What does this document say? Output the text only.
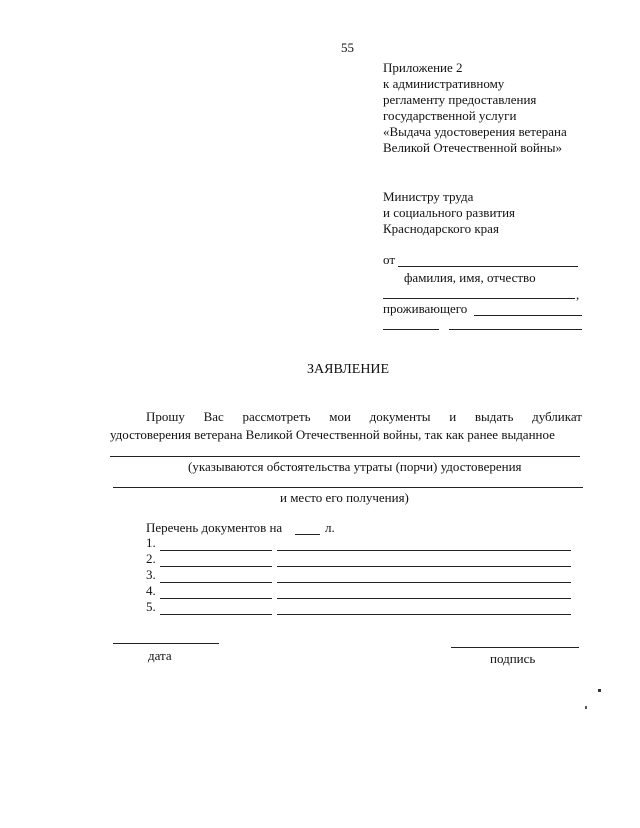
55
Приложение 2
к административному
регламенту предоставления
государственной услуги
«Выдача удостоверения ветерана
Великой Отечественной войны»
Министру труда
и социального развития
Краснодарского края
от
фамилия, имя, отчество
,
проживающего
ЗАЯВЛЕНИЕ
Прошу Вас рассмотреть мои документы и выдать дубликат
удостоверения ветерана Великой Отечественной войны, так как ранее выданное
(указываются обстоятельства утраты (порчи) удостоверения
и место его получения)
Перечень документов на	л.
1.
2.
3.
4.
5.
дата	подпись
